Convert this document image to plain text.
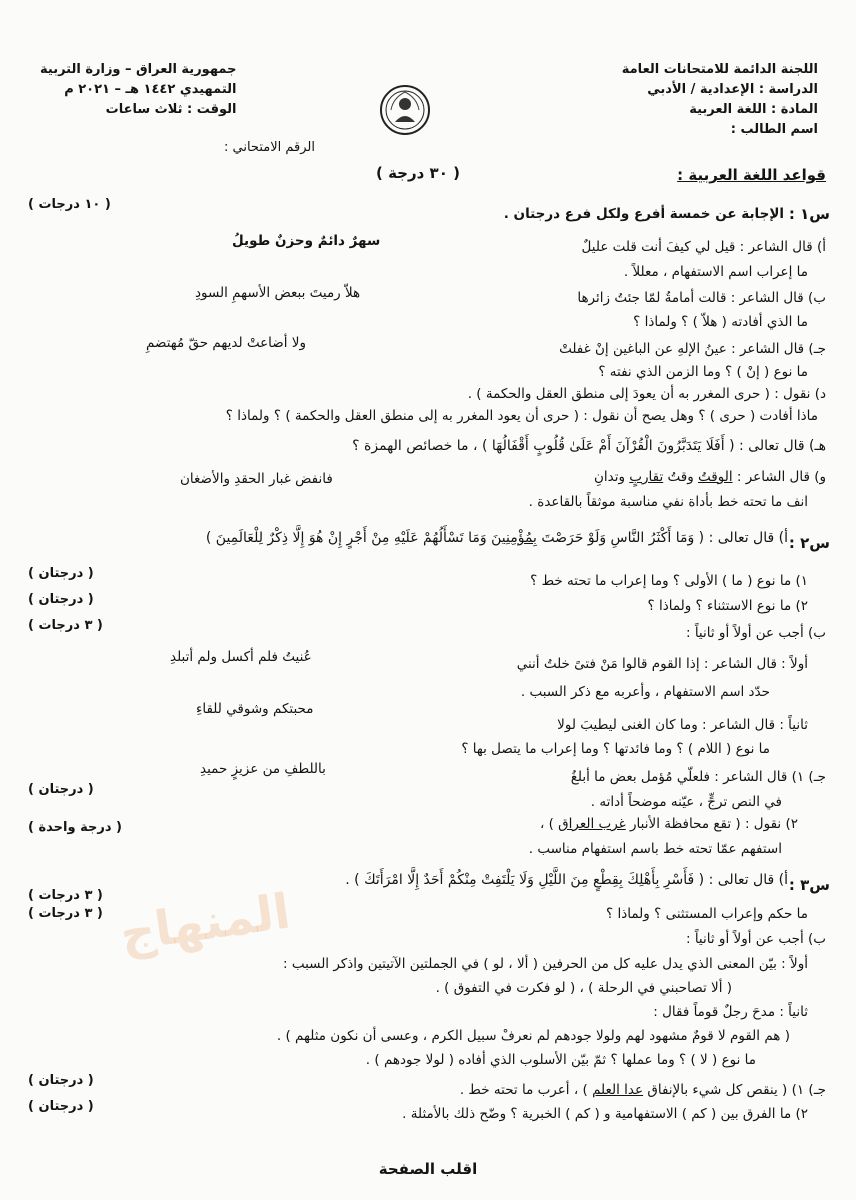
اللجنة الدائمة للامتحانات العامة
الدراسة : الإعدادية / الأدبي
المادة : اللغة العربية
اسم الطالب :
جمهورية العراق – وزارة التربية
التمهيدي ١٤٤٢ هـ – ٢٠٢١ م
الوقت : ثلاث ساعات
الرقم الامتحاني :
قواعد اللغة العربية :
( ٣٠ درجة )
س١ :
الإجابة عن خمسة أفرع ولكل فرع درجتان .
( ١٠ درجات )
أ) قال الشاعر : قيل لي كيفَ أنت قلت عليلٌ
سهرٌ دائمٌ وحزنٌ طويلُ
ما إعراب اسم الاستفهام ، معللاً .
ب) قال الشاعر : قالت أمامةُ لمّا جئتُ زائرها
هلاّ رميتَ ببعض الأسهمِ السودِ
ما الذي أفادته ( هلاّ ) ؟ ولماذا ؟
جـ) قال الشاعر : عينُ الإلهِ عن الباغين إنْ غفلتْ
ولا أضاعتْ لديهم حقّ مُهتضمِ
ما نوع ( إنْ ) ؟ وما الزمن الذي نفته ؟
د) نقول : ( حرى المغرر به أن يعودَ إلى منطق العقل والحكمة ) .
ماذا أفادت ( حرى ) ؟ وهل يصح أن نقول : ( حرى أن يعود المغرر به إلى منطق العقل والحكمة ) ؟ ولماذا ؟
هـ) قال تعالى : ( أَفَلَا يَتَدَبَّرُونَ الْقُرْآنَ أَمْ عَلَىٰ قُلُوبٍ أَقْفَالُهَا ) ، ما خصائص الهمزة ؟
و) قال الشاعر : الوقتُ وقتُ تقاربٍ وتدانِ
فانفض غبار الحقدِ والأضغان
انف ما تحته خط بأداة نفي مناسبة موثقاً بالقاعدة .
س٢ :
أ) قال تعالى : ( وَمَا أَكْثَرُ النَّاسِ وَلَوْ حَرَصْتَ بِمُؤْمِنِينَ وَمَا تَسْأَلُهُمْ عَلَيْهِ مِنْ أَجْرٍ إِنْ هُوَ إِلَّا ذِكْرٌ لِلْعَالَمِينَ )
١) ما نوع ( ما ) الأولى ؟ وما إعراب ما تحته خط ؟
( درجتان )
٢) ما نوع الاستثناء ؟ ولماذا ؟
( درجتان )
ب) أجب عن أولاً أو ثانياً :
( ٣ درجات )
أولاً : قال الشاعر : إذا القوم قالوا مَنْ فتىً خلتُ أنني
عُنيتُ فلم أكسل ولم أتبلدِ
حدّد اسم الاستفهام ، وأعربه مع ذكر السبب .
ثانياً : قال الشاعر : وما كان الغنى ليطيبَ لولا
محبتكم وشوقي للقاءِ
ما نوع ( اللام ) ؟ وما فائدتها ؟ وما إعراب ما يتصل بها ؟
جـ) ١) قال الشاعر : فلعلّي مُؤمل بعض ما أبلغُ
باللطفِ من عزيزٍ حميدِ
في النص ترجٍّ ، عيّنه موضحاً أداته .
( درجتان )
٢) نقول : ( تقع محافظة الأنبار غرب العراق ) ،
استفهم عمّا تحته خط باسم استفهام مناسب .
( درجة واحدة )
س٣ :
أ) قال تعالى : ( فَأَسْرِ بِأَهْلِكَ بِقِطْعٍ مِنَ اللَّيْلِ وَلَا يَلْتَفِتْ مِنْكُمْ أَحَدٌ إِلَّا امْرَأَتَكَ ) .
( ٣ درجات )
ما حكم وإعراب المستثنى ؟ ولماذا ؟
ب) أجب عن أولاً أو ثانياً :
( ٣ درجات )
أولاً : بيّن المعنى الذي يدل عليه كل من الحرفين ( ألا ، لو ) في الجملتين الآتيتين واذكر السبب :
( ألا تصاحبني في الرحلة ) ، ( لو فكرت في التفوق ) .
ثانياً : مدحَ رجلٌ قوماً فقال :
( هم القوم لا قومٌ مشهود لهم ولولا جودهم لم نعرفْ سبيل الكرم ، وعسى أن نكون مثلهم ) .
ما نوع ( لا ) ؟ وما عملها ؟ ثمّ بيّن الأسلوب الذي أفاده ( لولا جودهم ) .
جـ) ١) ( ينقص كل شيء بالإنفاق عدا العلم ) ، أعرب ما تحته خط .
( درجتان )
٢) ما الفرق بين ( كم ) الاستفهامية و ( كم ) الخبرية ؟ وضّح ذلك بالأمثلة .
( درجتان )
المنهاج
اقلب الصفحة
